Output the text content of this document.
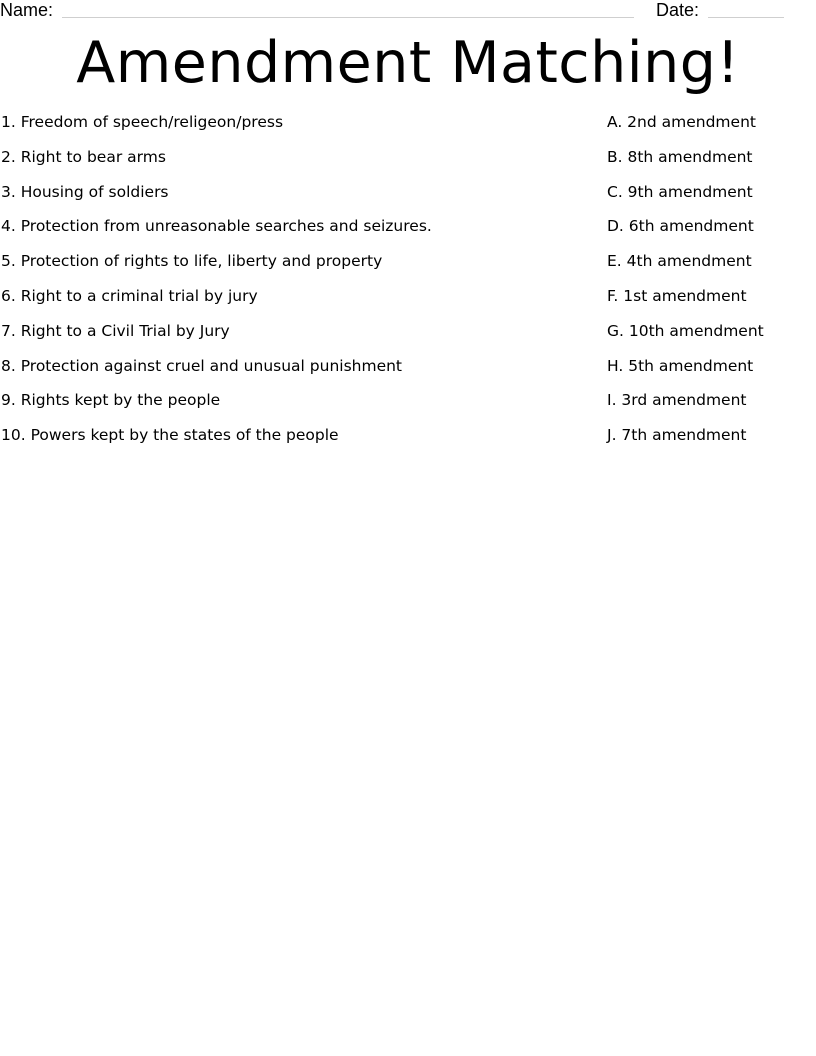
Name:	Date:
Amendment Matching!
1. Freedom of speech/religeon/press
2. Right to bear arms
3. Housing of soldiers
4. Protection from unreasonable searches and seizures.
5. Protection of rights to life, liberty and property
6. Right to a criminal trial by jury
7. Right to a Civil Trial by Jury
8. Protection against cruel and unusual punishment
9. Rights kept by the people
10. Powers kept by the states of the people
A. 2nd amendment
B. 8th amendment
C. 9th amendment
D. 6th amendment
E. 4th amendment
F. 1st amendment
G. 10th amendment
H. 5th amendment
I. 3rd amendment
J. 7th amendment
